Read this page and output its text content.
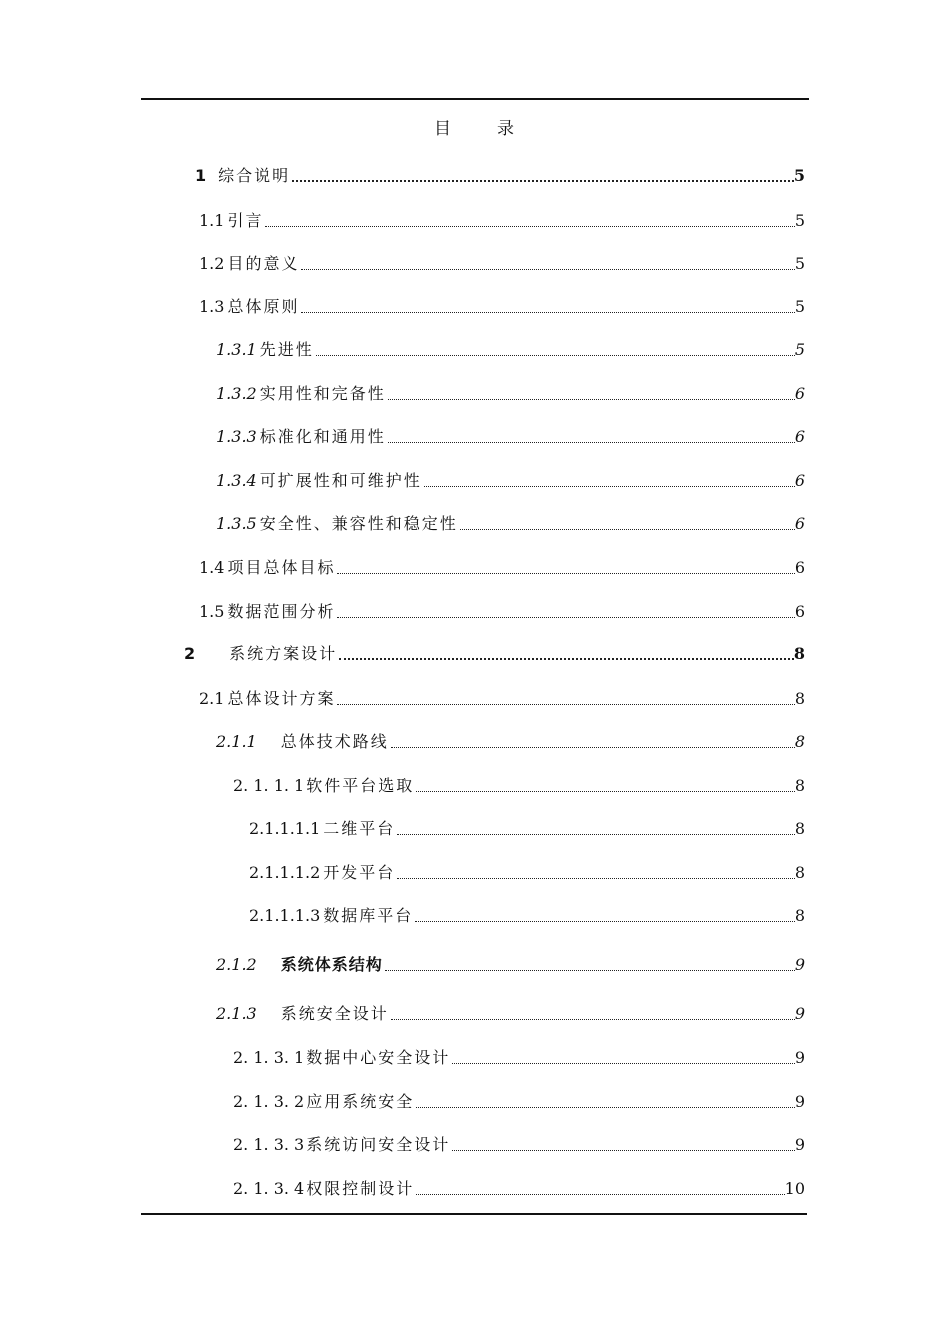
目	录
1 综合说明	5
1.1 引言	5
1.2 目的意义	5
1.3 总体原则	5
1.3.1 先进性	5
1.3.2 实用性和完备性	6
1.3.3 标准化和通用性	6
1.3.4 可扩展性和可维护性	6
1.3.5 安全性、兼容性和稳定性	6
1.4 项目总体目标	6
1.5 数据范围分析	6
2 系统方案设计	8
2.1 总体设计方案	8
2.1.1 总体技术路线	8
2. 1. 1. 1 软件平台选取	8
2.1.1.1.1 二维平台	8
2.1.1.1.2 开发平台	8
2.1.1.1.3 数据库平台	8
2.1.2 系统体系结构	9
2.1.3 系统安全设计	9
2. 1. 3. 1 数据中心安全设计	9
2. 1. 3. 2 应用系统安全	9
2. 1. 3. 3 系统访问安全设计	9
2. 1. 3. 4 权限控制设计	10
